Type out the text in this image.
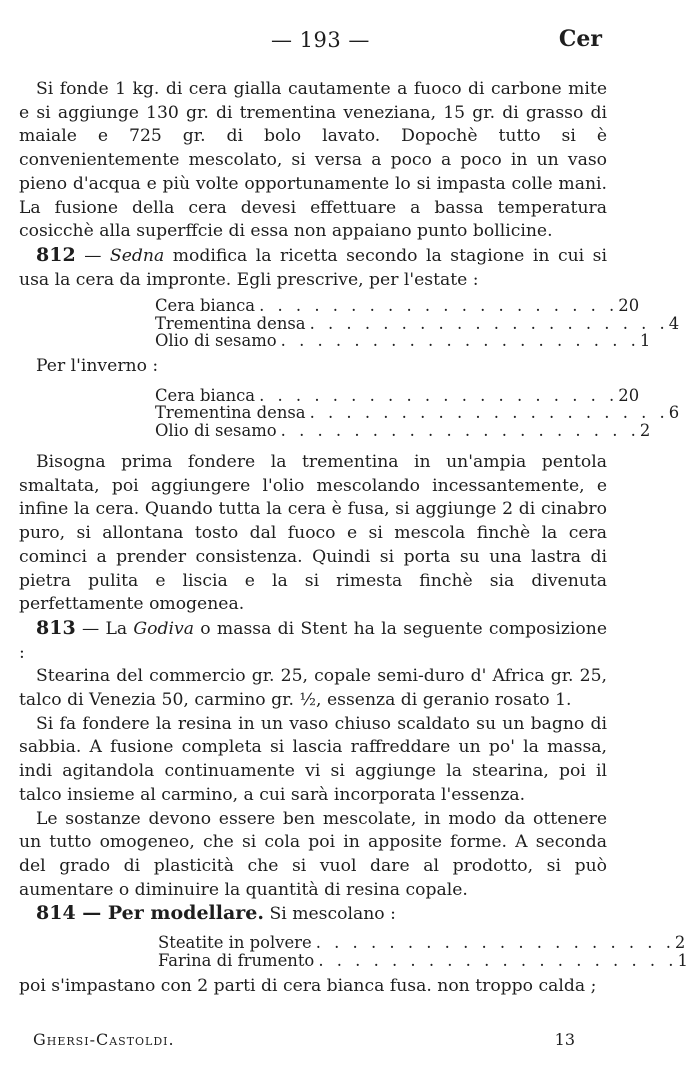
— 193 —	Cer

Si fonde 1 kg. di cera gialla cautamente a fuoco di carbone mite e si aggiunge 130 gr. di trementina veneziana, 15 gr. di grasso di maiale e 725 gr. di bolo lavato. Dopochè tutto si è convenientemente mescolato, si versa a poco a poco in un vaso pieno d'acqua e più volte opportunamente lo si impasta colle mani. La fusione della cera devesi effettuare a bassa temperatura cosicchè alla superffcie di essa non appaiano punto bollicine.

812 — Sedna modifica la ricetta secondo la stagione in cui si usa la cera da impronte. Egli prescrive, per l'estate :

Cera bianca . . . . . . . . . . . . . . . . . . . . 20
Trementina densa . . . . . . . . . . . . . . . . . . . . 4
Olio di sesamo . . . . . . . . . . . . . . . . . . . . 1

Per l'inverno :

Cera bianca . . . . . . . . . . . . . . . . . . . . 20
Trementina densa . . . . . . . . . . . . . . . . . . . . 6
Olio di sesamo . . . . . . . . . . . . . . . . . . . . 2

Bisogna prima fondere la trementina in un'ampia pentola smaltata, poi aggiungere l'olio mescolando incessantemente, e infine la cera. Quando tutta la cera è fusa, si aggiunge 2 di cinabro puro, si allontana tosto dal fuoco e si mescola finchè la cera cominci a prender consistenza. Quindi si porta su una lastra di pietra pulita e liscia e la si rimesta finchè sia divenuta perfettamente omogenea.

813 — La Godiva o massa di Stent ha la seguente composizione :

Stearina del commercio gr. 25, copale semi-duro d' Africa gr. 25, talco di Venezia 50, carmino gr. ½, essenza di geranio rosato 1.

Si fa fondere la resina in un vaso chiuso scaldato su un bagno di sabbia. A fusione completa si lascia raffreddare un po' la massa, indi agitandola continuamente vi si aggiunge la stearina, poi il talco insieme al carmino, a cui sarà incorporata l'essenza.

Le sostanze devono essere ben mescolate, in modo da ottenere un tutto omogeneo, che si cola poi in apposite forme. A seconda del grado di plasticità che si vuol dare al prodotto, si può aumentare o diminuire la quantità di resina copale.

814 — Per modellare. Si mescolano :

Steatite in polvere . . . . . . . . . . . . . . . . . . . . 2
Farina di frumento . . . . . . . . . . . . . . . . . . . . 1

poi s'impastano con 2 parti di cera bianca fusa. non troppo calda ;

Ghersi-Castoldi.	13
